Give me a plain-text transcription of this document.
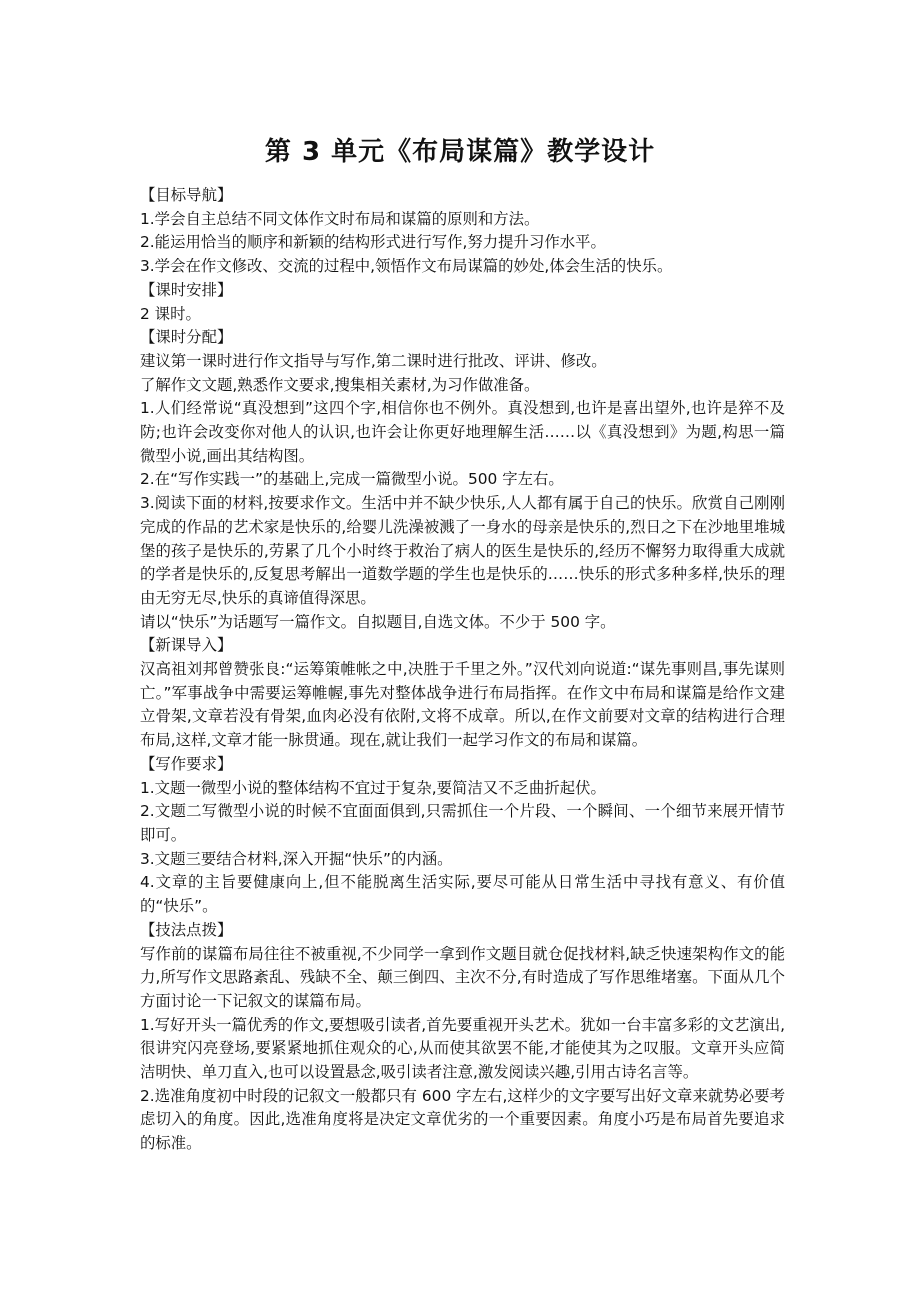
第 3 单元《布局谋篇》教学设计

【目标导航】

1.学会自主总结不同文体作文时布局和谋篇的原则和方法。

2.能运用恰当的顺序和新颖的结构形式进行写作,努力提升习作水平。

3.学会在作文修改、交流的过程中,领悟作文布局谋篇的妙处,体会生活的快乐。

【课时安排】

2 课时。

【课时分配】

建议第一课时进行作文指导与写作,第二课时进行批改、评讲、修改。

了解作文文题,熟悉作文要求,搜集相关素材,为习作做准备。

1.人们经常说“真没想到”这四个字,相信你也不例外。真没想到,也许是喜出望外,也许是猝不及防;也许会改变你对他人的认识,也许会让你更好地理解生活……以《真没想到》为题,构思一篇微型小说,画出其结构图。

2.在“写作实践一”的基础上,完成一篇微型小说。500 字左右。

3.阅读下面的材料,按要求作文。生活中并不缺少快乐,人人都有属于自己的快乐。欣赏自己刚刚完成的作品的艺术家是快乐的,给婴儿洗澡被溅了一身水的母亲是快乐的,烈日之下在沙地里堆城堡的孩子是快乐的,劳累了几个小时终于救治了病人的医生是快乐的,经历不懈努力取得重大成就的学者是快乐的,反复思考解出一道数学题的学生也是快乐的……快乐的形式多种多样,快乐的理由无穷无尽,快乐的真谛值得深思。

请以“快乐”为话题写一篇作文。自拟题目,自选文体。不少于 500 字。

【新课导入】

汉高祖刘邦曾赞张良:“运筹策帷帐之中,决胜于千里之外。”汉代刘向说道:“谋先事则昌,事先谋则亡。”军事战争中需要运筹帷幄,事先对整体战争进行布局指挥。在作文中布局和谋篇是给作文建立骨架,文章若没有骨架,血肉必没有依附,文将不成章。所以,在作文前要对文章的结构进行合理布局,这样,文章才能一脉贯通。现在,就让我们一起学习作文的布局和谋篇。

【写作要求】

1.文题一微型小说的整体结构不宜过于复杂,要简洁又不乏曲折起伏。

2.文题二写微型小说的时候不宜面面俱到,只需抓住一个片段、一个瞬间、一个细节来展开情节即可。

3.文题三要结合材料,深入开掘“快乐”的内涵。

4.文章的主旨要健康向上,但不能脱离生活实际,要尽可能从日常生活中寻找有意义、有价值的“快乐”。

【技法点拨】

写作前的谋篇布局往往不被重视,不少同学一拿到作文题目就仓促找材料,缺乏快速架构作文的能力,所写作文思路紊乱、残缺不全、颠三倒四、主次不分,有时造成了写作思维堵塞。下面从几个方面讨论一下记叙文的谋篇布局。

1.写好开头一篇优秀的作文,要想吸引读者,首先要重视开头艺术。犹如一台丰富多彩的文艺演出,很讲究闪亮登场,要紧紧地抓住观众的心,从而使其欲罢不能,才能使其为之叹服。文章开头应简洁明快、单刀直入,也可以设置悬念,吸引读者注意,激发阅读兴趣,引用古诗名言等。

2.选准角度初中时段的记叙文一般都只有 600 字左右,这样少的文字要写出好文章来就势必要考虑切入的角度。因此,选准角度将是决定文章优劣的一个重要因素。角度小巧是布局首先要追求的标准。
